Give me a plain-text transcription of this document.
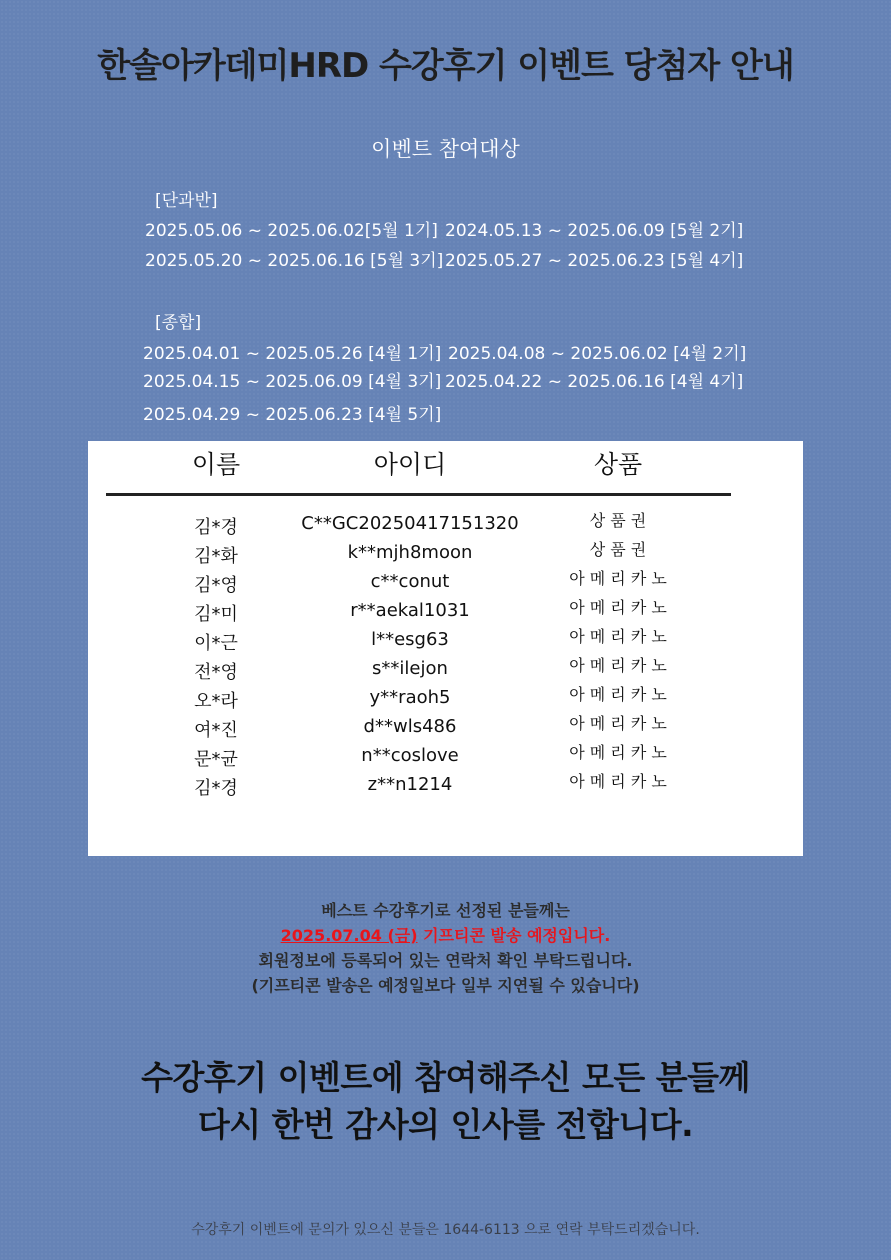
한솔아카데미HRD 수강후기 이벤트 당첨자 안내
이벤트 참여대상
[단과반]
2025.05.06 ~ 2025.06.02[5월 1기] 2024.05.13 ~ 2025.06.09 [5월 2기]
2025.05.20 ~ 2025.06.16 [5월 3기] 2025.05.27 ~ 2025.06.23 [5월 4기]
[종합]
2025.04.01 ~ 2025.05.26 [4월 1기] 2025.04.08 ~ 2025.06.02 [4월 2기]
2025.04.15 ~ 2025.06.09 [4월 3기] 2025.04.22 ~ 2025.06.16 [4월 4기]
2025.04.29 ~ 2025.06.23 [4월 5기]
이름	아이디	상품
김*경	C**GC20250417151320	상 품 권
김*화	k**mjh8moon	상 품 권
김*영	c**conut	아 메 리 카 노
김*미	r**aekal1031	아 메 리 카 노
이*근	l**esg63	아 메 리 카 노
전*영	s**ilejon	아 메 리 카 노
오*라	y**raoh5	아 메 리 카 노
여*진	d**wls486	아 메 리 카 노
문*균	n**coslove	아 메 리 카 노
김*경	z**n1214	아 메 리 카 노
베스트 수강후기로 선정된 분들께는
2025.07.04 (금) 기프티콘 발송 예정입니다.
회원정보에 등록되어 있는 연락처 확인 부탁드립니다.
(기프티콘 발송은 예정일보다 일부 지연될 수 있습니다)
수강후기 이벤트에 참여해주신 모든 분들께
다시 한번 감사의 인사를 전합니다.
수강후기 이벤트에 문의가 있으신 분들은 1644-6113 으로 연락 부탁드리겠습니다.
